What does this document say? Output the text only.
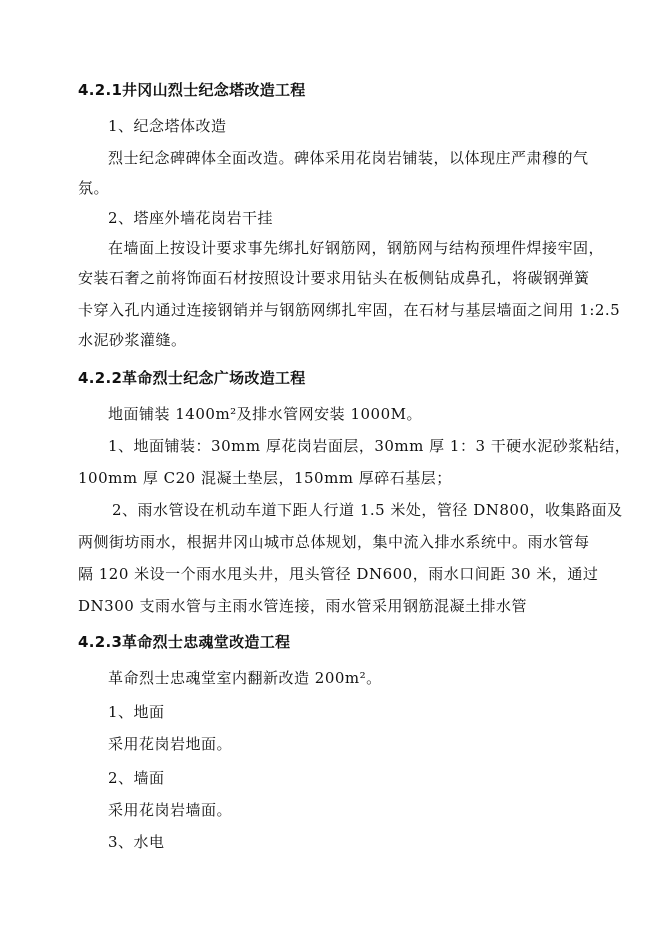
4.2.1井冈山烈士纪念塔改造工程
1、纪念塔体改造
烈士纪念碑碑体全面改造。碑体采用花岗岩铺装，以体现庄严肃穆的气
氛。
2、塔座外墙花岗岩干挂
在墙面上按设计要求事先绑扎好钢筋网，钢筋网与结构预埋件焊接牢固，
安装石奢之前将饰面石材按照设计要求用钻头在板侧钻成鼻孔，将碳钢弹簧
卡穿入孔内通过连接钢销并与钢筋网绑扎牢固，在石材与基层墙面之间用 1:2.5
水泥砂浆灌缝。
4.2.2革命烈士纪念广场改造工程
地面铺装 1400m²及排水管网安装 1000M。
1、地面铺装：30mm 厚花岗岩面层，30mm 厚 1：3 干硬水泥砂浆粘结，
100mm 厚 C20 混凝土垫层，150mm 厚碎石基层；
2、雨水管设在机动车道下距人行道 1.5 米处，管径 DN800，收集路面及
两侧街坊雨水，根据井冈山城市总体规划，集中流入排水系统中。雨水管每
隔 120 米设一个雨水甩头井，甩头管径 DN600，雨水口间距 30 米，通过
DN300 支雨水管与主雨水管连接，雨水管采用钢筋混凝土排水管
4.2.3革命烈士忠魂堂改造工程
革命烈士忠魂堂室内翻新改造 200m²。
1、地面
采用花岗岩地面。
2、墙面
采用花岗岩墙面。
3、水电
